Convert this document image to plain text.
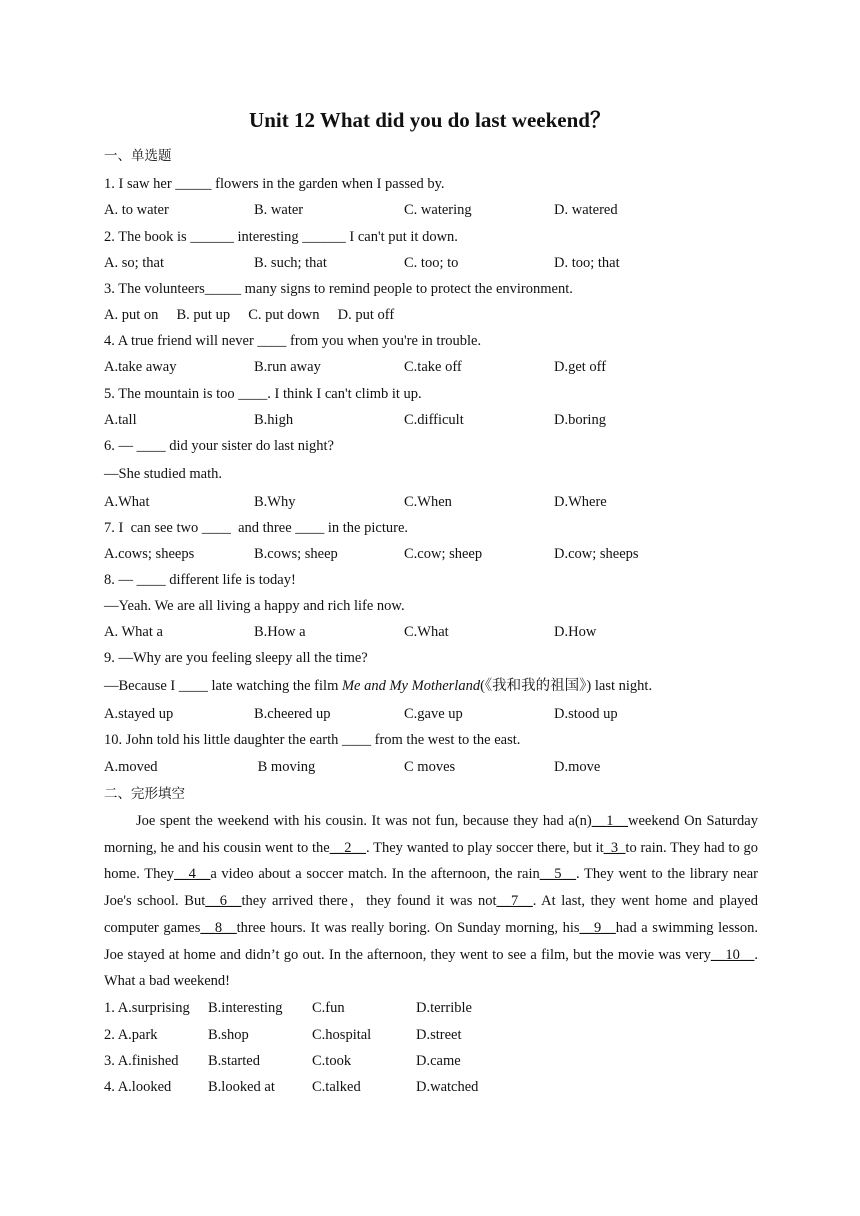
Unit 12 What did you do last weekend？
一、单选题
1. I saw her _____ flowers in the garden when I passed by.
A. to water	B. water	C. watering	D. watered
2. The book is ______ interesting ______ I can't put it down.
A. so; that	B. such; that	C. too; to	D. too; that
3. The volunteers_____ many signs to remind people to protect the environment.
A. put on     B. put up     C. put down     D. put off
4. A true friend will never ____ from you when you're in trouble.
A.take away	B.run away	C.take off	D.get off
5. The mountain is too ____. I think I can't climb it up.
A.tall	B.high	C.difficult	D.boring
6. — ____ did your sister do last night?
—She studied math.
A.What	B.Why	C.When	D.Where
7. I  can see two ____  and three ____ in the picture.
A.cows; sheeps	B.cows; sheep	C.cow; sheep	D.cow; sheeps
8. — ____ different life is today!
—Yeah. We are all living a happy and rich life now.
A. What a	B.How a	C.What	D.How
9. —Why are you feeling sleepy all the time?
—Because I ____ late watching the film Me and My Motherland(《我和我的祖国》) last night.
A.stayed up	B.cheered up	C.gave up	D.stood up
10. John told his little daughter the earth ____ from the west to the east.

A.moved

	B moving

	C moves

	D.move

二、完形填空
Joe spent the weekend with his cousin. It was not fun, because they had a(n)__1__weekend On Saturday morning, he and his cousin went to the__2__. They wanted to play soccer there, but it_3_to rain. They had to go home. They__4__a video about a soccer match. In the afternoon, the rain__5__. They went to the library near Joe's school. But__6__they arrived there，they found it was not__7__. At last, they went home and played computer games__8__three hours. It was really boring. On Sunday morning, his__9__had a swimming lesson. Joe stayed at home and didn’t go out. In the afternoon, they went to see a film, but the movie was very__10__. What a bad weekend!
1. A.surprising B.interesting C.fun	D.terrible
2. A.park	B.shop	C.hospital	D.street
3. A.finished B.started	C.took	D.came
4. A.looked	B.looked at	C.talked	D.watched
